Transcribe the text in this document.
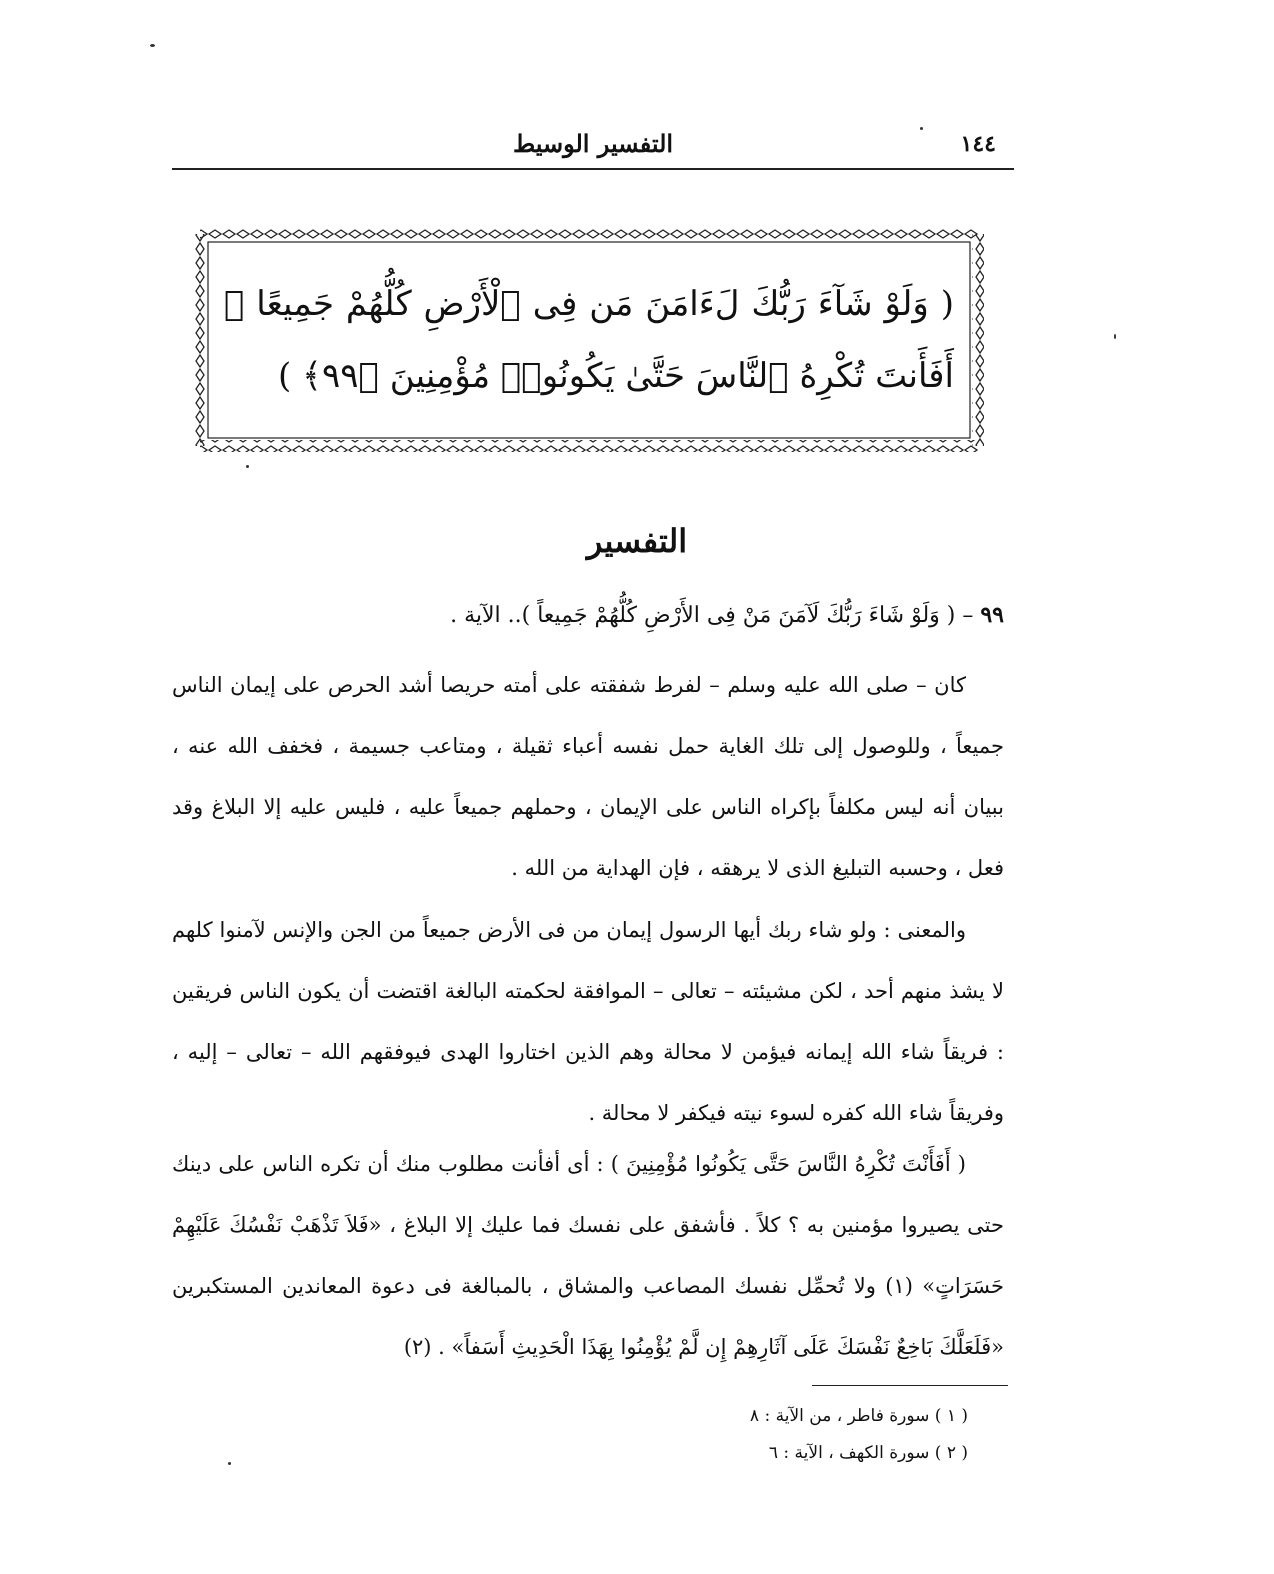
١٤٤
التفسير الوسيط
( وَلَوْ شَآءَ رَبُّكَ لَءَامَنَ مَن فِى ٱلْأَرْضِ كُلُّهُمْ جَمِيعًا ۚ أَفَأَنتَ تُكْرِهُ ٱلنَّاسَ حَتَّىٰ يَكُونُوا۟ مُؤْمِنِينَ ﴿٩٩﴾ )
التفسير
٩٩ – ( وَلَوْ شَاءَ رَبُّكَ لَآمَنَ مَنْ فِى الأَرْضِ كُلُّهُمْ جَمِيعاً ).. الآية .

كان – صلى الله عليه وسلم – لفرط شفقته على أمته حريصا أشد الحرص على إيمان الناس جميعاً ، وللوصول إلى تلك الغاية حمل نفسه أعباء ثقيلة ، ومتاعب جسيمة ، فخفف الله عنه ، ببيان أنه ليس مكلفاً بإكراه الناس على الإيمان ، وحملهم جميعاً عليه ، فليس عليه إلا البلاغ وقد فعل ، وحسبه التبليغ الذى لا يرهقه ، فإن الهداية من الله .

والمعنى : ولو شاء ربك أيها الرسول إيمان من فى الأرض جميعاً من الجن والإنس لآمنوا كلهم لا يشذ منهم أحد ، لكن مشيئته – تعالى – الموافقة لحكمته البالغة اقتضت أن يكون الناس فريقين : فريقاً شاء الله إيمانه فيؤمن لا محالة وهم الذين اختاروا الهدى فيوفقهم الله – تعالى – إليه ، وفريقاً شاء الله كفره لسوء نيته فيكفر لا محالة .

( أَفَأَنْتَ تُكْرِهُ النَّاسَ حَتَّى يَكُونُوا مُؤْمِنِينَ ) : أى أفأنت مطلوب منك أن تكره الناس على دينك حتى يصيروا مؤمنين به ؟ كلاً . فأشفق على نفسك فما عليك إلا البلاغ ، «فَلاَ تَذْهَبْ نَفْسُكَ عَلَيْهِمْ حَسَرَاتٍ» (١) ولا تُحمِّل نفسك المصاعب والمشاق ، بالمبالغة فى دعوة المعاندين المستكبرين «فَلَعَلَّكَ بَاخِعٌ نَفْسَكَ عَلَى آثَارِهِمْ إِن لَّمْ يُؤْمِنُوا بِهَذَا الْحَدِيثِ أَسَفاً» . (٢)

( ١ ) سورة فاطر ، من الآية : ٨
( ٢ ) سورة الكهف ، الآية : ٦
